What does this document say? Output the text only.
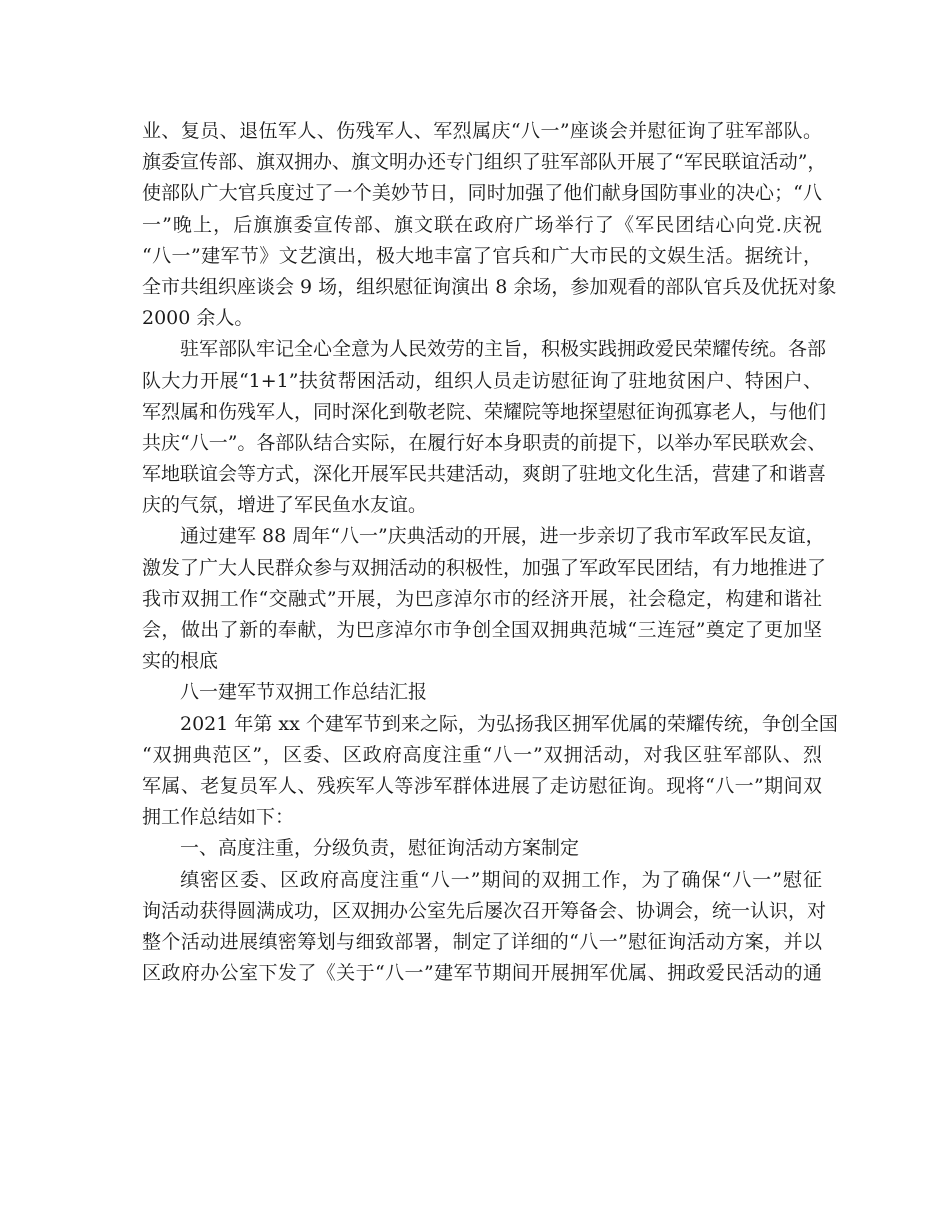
业、复员、退伍军人、伤残军人、军烈属庆“八一”座谈会并慰征询了驻军部队。
旗委宣传部、旗双拥办、旗文明办还专门组织了驻军部队开展了“军民联谊活动”，
使部队广大官兵度过了一个美妙节日，同时加强了他们献身国防事业的决心；“八
一”晚上，后旗旗委宣传部、旗文联在政府广场举行了《军民团结心向党.庆祝
“八一”建军节》文艺演出，极大地丰富了官兵和广大市民的文娱生活。据统计，
全市共组织座谈会 9 场，组织慰征询演出 8 余场，参加观看的部队官兵及优抚对象
2000 余人。
驻军部队牢记全心全意为人民效劳的主旨，积极实践拥政爱民荣耀传统。各部
队大力开展“1+1”扶贫帮困活动，组织人员走访慰征询了驻地贫困户、特困户、
军烈属和伤残军人，同时深化到敬老院、荣耀院等地探望慰征询孤寡老人，与他们
共庆“八一”。各部队结合实际，在履行好本身职责的前提下，以举办军民联欢会、
军地联谊会等方式，深化开展军民共建活动，爽朗了驻地文化生活，营建了和谐喜
庆的气氛，增进了军民鱼水友谊。
通过建军 88 周年“八一”庆典活动的开展，进一步亲切了我市军政军民友谊，
激发了广大人民群众参与双拥活动的积极性，加强了军政军民团结，有力地推进了
我市双拥工作“交融式”开展，为巴彦淖尔市的经济开展，社会稳定，构建和谐社
会，做出了新的奉献，为巴彦淖尔市争创全国双拥典范城“三连冠”奠定了更加坚
实的根底
八一建军节双拥工作总结汇报
2021 年第 xx 个建军节到来之际，为弘扬我区拥军优属的荣耀传统，争创全国
“双拥典范区”，区委、区政府高度注重“八一”双拥活动，对我区驻军部队、烈
军属、老复员军人、残疾军人等涉军群体进展了走访慰征询。现将“八一”期间双
拥工作总结如下：
一、高度注重，分级负责，慰征询活动方案制定
缜密区委、区政府高度注重“八一”期间的双拥工作，为了确保“八一”慰征
询活动获得圆满成功，区双拥办公室先后屡次召开筹备会、协调会，统一认识，对
整个活动进展缜密筹划与细致部署，制定了详细的“八一”慰征询活动方案，并以
区政府办公室下发了《关于“八一”建军节期间开展拥军优属、拥政爱民活动的通
